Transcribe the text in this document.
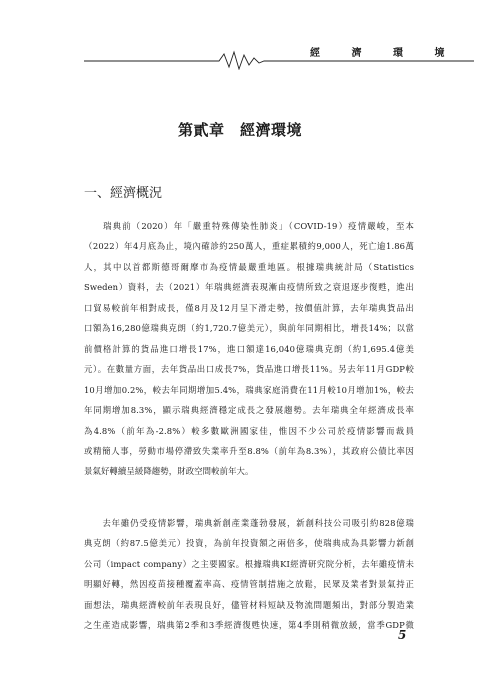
經 濟 環 境
第貳章　經濟環境
一、經濟概況
　　瑞典前（2020）年「嚴重特殊傳染性肺炎」（COVID-19）疫情嚴峻，至本
（2022）年4月底為止，境內確診約250萬人，重症累積約9,000人，死亡逾1.86萬
人，其中以首都斯德哥爾摩市為疫情最嚴重地區。根據瑞典統計局（Statistics
Sweden）資料，去（2021）年瑞典經濟表現漸由疫情所致之衰退逐步復甦，進出
口貿易較前年相對成長，僅8月及12月呈下滑走勢，按價值計算，去年瑞典貨品出
口額為16,280億瑞典克朗（約1,720.7億美元），與前年同期相比，增長14%；以當
前價格計算的貨品進口增長17%，進口額達16,040億瑞典克朗（約1,695.4億美
元）。在數量方面，去年貨品出口成長7%，貨品進口增長11%。另去年11月GDP較
10月增加0.2%，較去年同期增加5.4%，瑞典家庭消費在11月較10月增加1%，較去
年同期增加8.3%，顯示瑞典經濟穩定成長之發展趨勢。去年瑞典全年經濟成長率
為4.8%（前年為-2.8%）較多數歐洲國家佳，惟因不少公司於疫情影響而裁員
或精簡人事，勞動市場停滯致失業率升至8.8%（前年為8.3%），其政府公債比率因
景氣好轉續呈緩降趨勢，財政空間較前年大。
　　去年雖仍受疫情影響，瑞典新創產業蓬勃發展，新創科技公司吸引約828億瑞
典克朗（約87.5億美元）投資，為前年投資額之兩倍多，使瑞典成為具影響力新創
公司（impact company）之主要國家。根據瑞典KI經濟研究院分析，去年雖疫情未
明顯好轉，然因疫苗接種覆蓋率高、疫情管制措施之放鬆，民眾及業者對景氣持正
面想法，瑞典經濟較前年表現良好，儘管材料短缺及物流問題頻出，對部分製造業
之生產造成影響，瑞典第2季和3季經濟復甦快速，第4季則稍微放緩，當季GDP微
5
